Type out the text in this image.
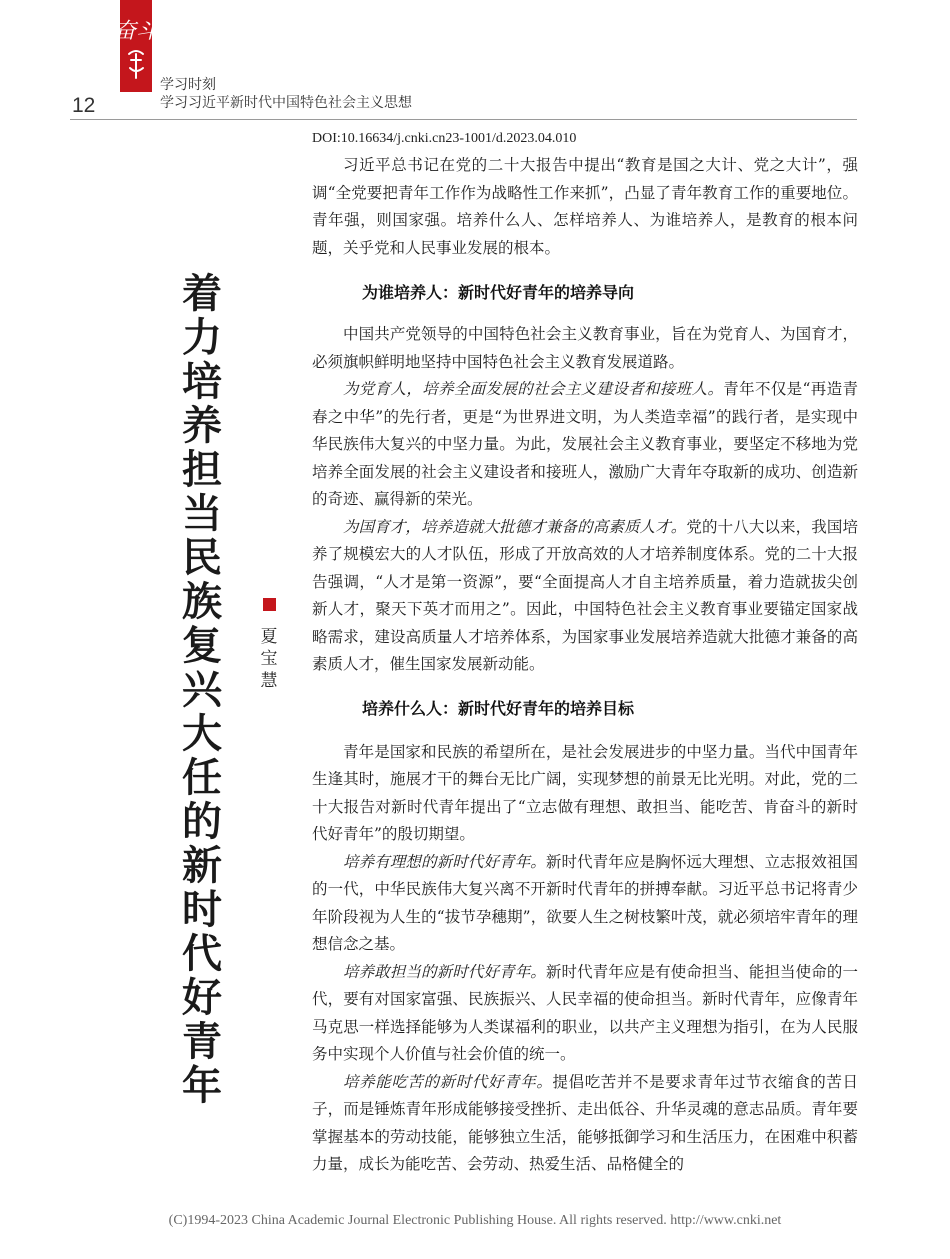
奋斗
12
学习时刻
学习习近平新时代中国特色社会主义思想
DOI:10.16634/j.cnki.cn23-1001/d.2023.04.010
着力培养担当民族复兴大任的新时代好青年
夏宝慧

习近平总书记在党的二十大报告中提出“教育是国之大计、党之大计”，强调“全党要把青年工作作为战略性工作来抓”，凸显了青年教育工作的重要地位。青年强，则国家强。培养什么人、怎样培养人、为谁培养人，是教育的根本问题，关乎党和人民事业发展的根本。

为谁培养人：新时代好青年的培养导向

中国共产党领导的中国特色社会主义教育事业，旨在为党育人、为国育才，必须旗帜鲜明地坚持中国特色社会主义教育发展道路。

为党育人，培养全面发展的社会主义建设者和接班人。青年不仅是“再造青春之中华”的先行者，更是“为世界进文明，为人类造幸福”的践行者，是实现中华民族伟大复兴的中坚力量。为此，发展社会主义教育事业，要坚定不移地为党培养全面发展的社会主义建设者和接班人，激励广大青年夺取新的成功、创造新的奇迹、赢得新的荣光。

为国育才，培养造就大批德才兼备的高素质人才。党的十八大以来，我国培养了规模宏大的人才队伍，形成了开放高效的人才培养制度体系。党的二十大报告强调，“人才是第一资源”，要“全面提高人才自主培养质量，着力造就拔尖创新人才，聚天下英才而用之”。因此，中国特色社会主义教育事业要锚定国家战略需求，建设高质量人才培养体系，为国家事业发展培养造就大批德才兼备的高素质人才，催生国家发展新动能。

培养什么人：新时代好青年的培养目标

青年是国家和民族的希望所在，是社会发展进步的中坚力量。当代中国青年生逢其时，施展才干的舞台无比广阔，实现梦想的前景无比光明。对此，党的二十大报告对新时代青年提出了“立志做有理想、敢担当、能吃苦、肯奋斗的新时代好青年”的殷切期望。

培养有理想的新时代好青年。新时代青年应是胸怀远大理想、立志报效祖国的一代，中华民族伟大复兴离不开新时代青年的拼搏奉献。习近平总书记将青少年阶段视为人生的“拔节孕穗期”，欲要人生之树枝繁叶茂，就必须培牢青年的理想信念之基。

培养敢担当的新时代好青年。新时代青年应是有使命担当、能担当使命的一代，要有对国家富强、民族振兴、人民幸福的使命担当。新时代青年，应像青年马克思一样选择能够为人类谋福利的职业，以共产主义理想为指引，在为人民服务中实现个人价值与社会价值的统一。

培养能吃苦的新时代好青年。提倡吃苦并不是要求青年过节衣缩食的苦日子，而是锤炼青年形成能够接受挫折、走出低谷、升华灵魂的意志品质。青年要掌握基本的劳动技能，能够独立生活，能够抵御学习和生活压力，在困难中积蓄力量，成长为能吃苦、会劳动、热爱生活、品格健全的

(C)1994-2023 China Academic Journal Electronic Publishing House. All rights reserved. http://www.cnki.net
